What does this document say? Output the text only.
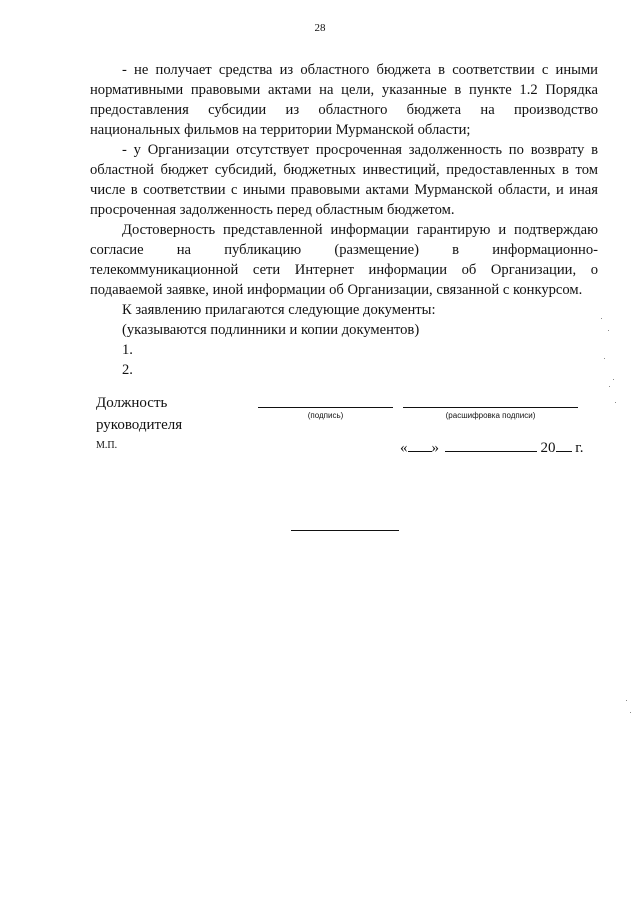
28

- не получает средства из областного бюджета в соответствии с иными нормативными правовыми актами на цели, указанные в пункте 1.2 Порядка предоставления субсидии из областного бюджета на производство национальных фильмов на территории Мурманской области;

- у Организации отсутствует просроченная задолженность по возврату в областной бюджет субсидий, бюджетных инвестиций, предоставленных в том числе в соответствии с иными правовыми актами Мурманской области, и иная просроченная задолженность перед областным бюджетом.

Достоверность представленной информации гарантирую и подтверждаю согласие на публикацию (размещение) в информационно-телекоммуникационной сети Интернет информации об Организации, о подаваемой заявке, иной информации об Организации, связанной с конкурсом.

К заявлению прилагаются следующие документы:

(указываются подлинники и копии документов)

1.

2.

Должность
руководителя
(подпись)	(расшифровка подписи)
М.П.	« »	20 г.
